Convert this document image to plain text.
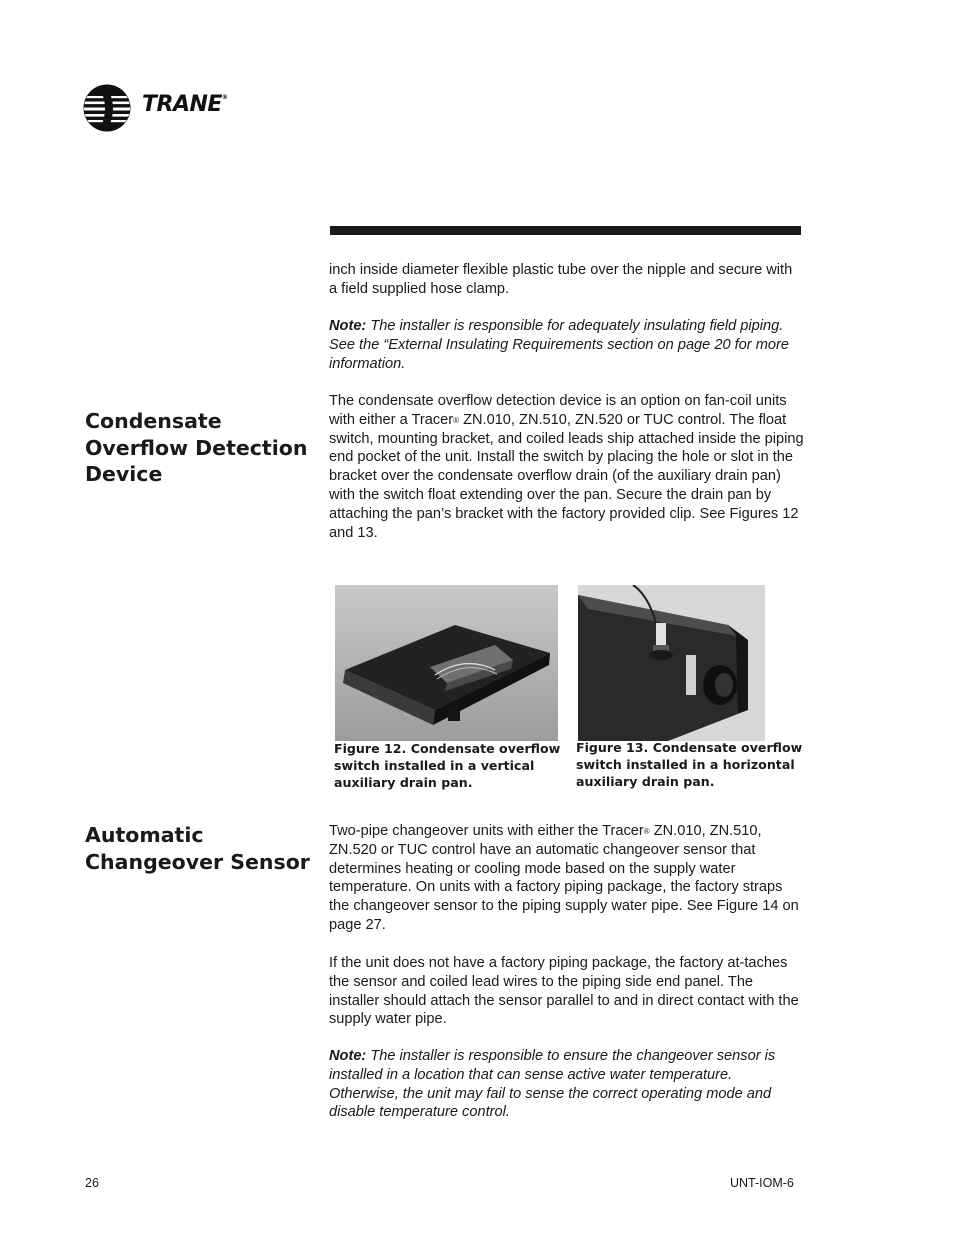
TRANE®
Condensate Overflow Detection Device
Automatic Changeover Sensor

inch inside diameter flexible plastic tube over the nipple and secure with a field supplied hose clamp.

Note: The installer is responsible for adequately insulating field piping. See the “External Insulating Requirements section on page 20 for more information.

The condensate overflow detection device is an option on fan-coil units with either a Tracer® ZN.010, ZN.510, ZN.520 or TUC control. The float switch, mounting bracket, and coiled leads ship attached inside the piping end pocket of the unit. Install the switch by placing the hole or slot in the bracket over the condensate overflow drain (of the auxiliary drain pan) with the switch float extending over the pan. Secure the drain pan by attaching the pan’s bracket with the factory provided clip. See Figures 12 and 13.

Figure 12. Condensate overflow switch installed in a vertical auxiliary drain pan.

Figure 13. Condensate overflow switch installed in a horizontal auxiliary drain pan.

Two-pipe changeover units with either the Tracer® ZN.010, ZN.510, ZN.520 or TUC control have an automatic changeover sensor that determines heating or cooling mode based on the supply water temperature. On units with a factory piping package, the factory straps the changeover sensor to the piping supply water pipe. See Figure 14 on page 27.

If the unit does not have a factory piping package, the factory at-taches the sensor and coiled lead wires to the piping side end panel. The installer should attach the sensor parallel to and in direct contact with the supply water pipe.

Note: The installer is responsible to ensure the changeover sensor is installed in a location that can sense active water temperature. Otherwise, the unit may fail to sense the correct operating mode and disable temperature control.

26	UNT-IOM-6
